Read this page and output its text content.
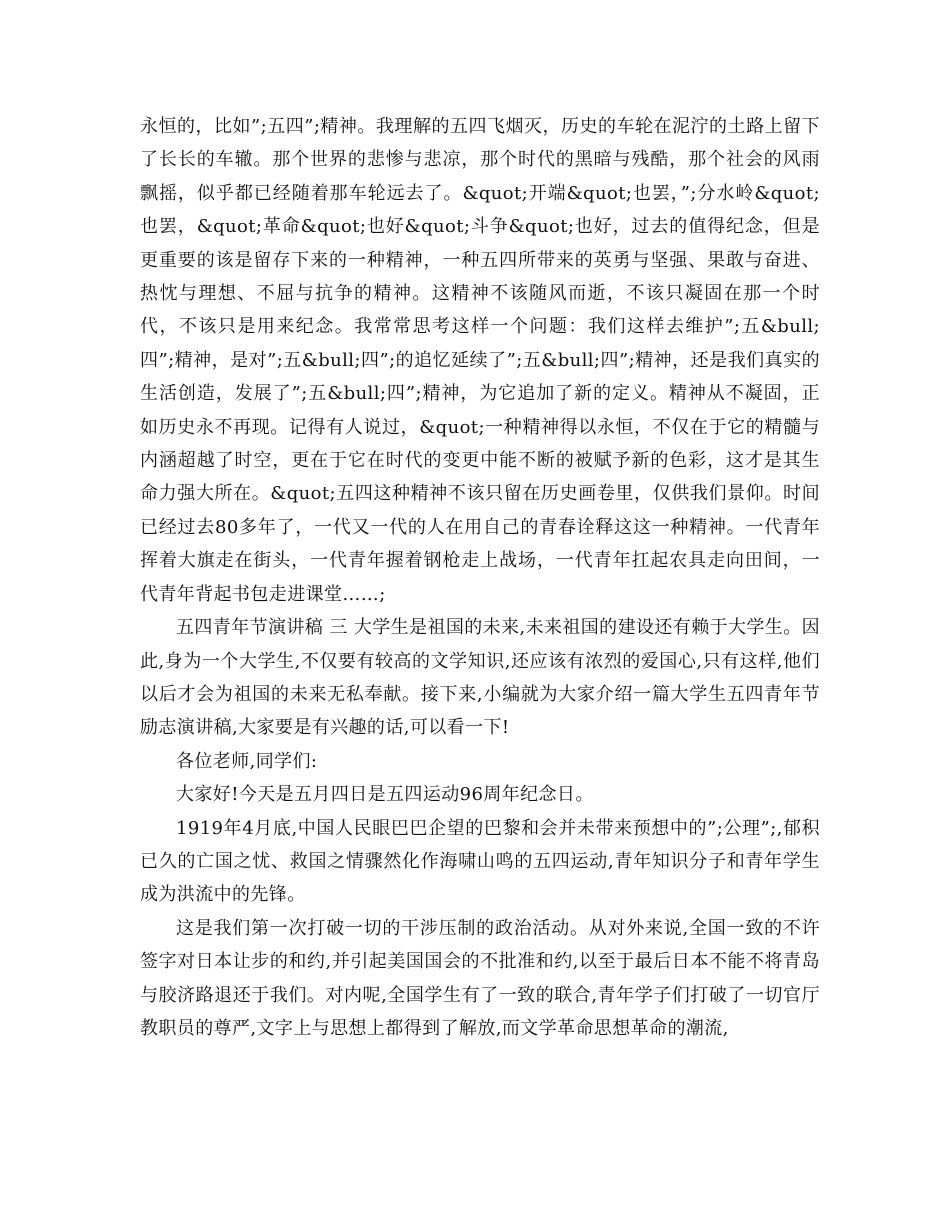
永恒的，比如”;五四”;精神。我理解的五四飞烟灭，历史的车轮在泥泞的土路上留下了长长的车辙。那个世界的悲惨与悲凉，那个时代的黑暗与残酷，那个社会的风雨飘摇，似乎都已经随着那车轮远去了。&quot;开端&quot;也罢，”;分水岭&quot;也罢，&quot;革命&quot;也好&quot;斗争&quot;也好，过去的值得纪念，但是更重要的该是留存下来的一种精神，一种五四所带来的英勇与坚强、果敢与奋进、热忱与理想、不屈与抗争的精神。这精神不该随风而逝，不该只凝固在那一个时代，不该只是用来纪念。我常常思考这样一个问题：我们这样去维护”;五&bull;四”;精神，是对”;五&bull;四”;的追忆延续了”;五&bull;四”;精神，还是我们真实的生活创造，发展了”;五&bull;四”;精神，为它追加了新的定义。精神从不凝固，正如历史永不再现。记得有人说过，&quot;一种精神得以永恒，不仅在于它的精髓与内涵超越了时空，更在于它在时代的变更中能不断的被赋予新的色彩，这才是其生命力强大所在。&quot;五四这种精神不该只留在历史画卷里，仅供我们景仰。时间已经过去80多年了，一代又一代的人在用自己的青春诠释这这一种精神。一代青年挥着大旗走在街头，一代青年握着钢枪走上战场，一代青年扛起农具走向田间，一代青年背起书包走进课堂……;

五四青年节演讲稿 三 大学生是祖国的未来,未来祖国的建设还有赖于大学生。因此,身为一个大学生,不仅要有较高的文学知识,还应该有浓烈的爱国心,只有这样,他们以后才会为祖国的未来无私奉献。接下来,小编就为大家介绍一篇大学生五四青年节励志演讲稿,大家要是有兴趣的话,可以看一下!

各位老师,同学们:

大家好!今天是五月四日是五四运动96周年纪念日。

1919年4月底,中国人民眼巴巴企望的巴黎和会并未带来预想中的”;公理”;,郁积已久的亡国之忧、救国之情骤然化作海啸山鸣的五四运动,青年知识分子和青年学生成为洪流中的先锋。

这是我们第一次打破一切的干涉压制的政治活动。从对外来说,全国一致的不许签字对日本让步的和约,并引起美国国会的不批准和约,以至于最后日本不能不将青岛与胶济路退还于我们。对内呢,全国学生有了一致的联合,青年学子们打破了一切官厅教职员的尊严,文字上与思想上都得到了解放,而文学革命思想革命的潮流,
